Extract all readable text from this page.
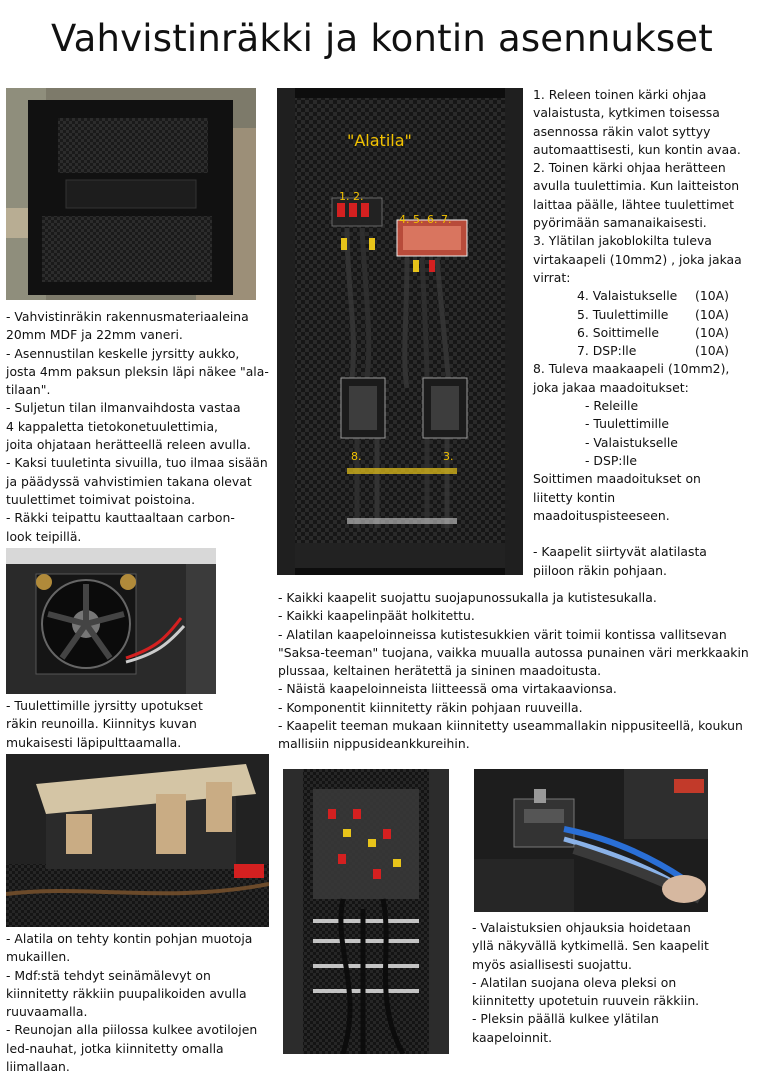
Vahvistinräkki ja kontin asennukset
"Alatila"
1. 2.
4. 5. 6. 7.
8.	3.

1. Releen toinen kärki ohjaa

valaistusta, kytkimen toisessa

asennossa räkin valot syttyy

automaattisesti, kun kontin avaa.

2. Toinen kärki ohjaa herätteen

avulla tuulettimia. Kun laitteiston

laittaa päälle, lähtee tuulettimet

pyörimään samanaikaisesti.

3. Ylätilan jakoblokilta tuleva

virtakaapeli (10mm2) , joka jakaa

virrat:

4. Valaistukselle	(10A)
5. Tuulettimille	(10A)
6. Soittimelle	(10A)
7. DSP:lle	(10A)

8. Tuleva maakaapeli (10mm2),

joka jakaa maadoitukset:

- Releille

- Tuulettimille

- Valaistukselle

- DSP:lle

Soittimen maadoitukset on

liitetty kontin

maadoituspisteeseen.

- Kaapelit siirtyvät alatilasta

piiloon räkin pohjaan.

- Vahvistinräkin rakennusmateriaaleina

20mm MDF ja 22mm vaneri.

- Asennustilan keskelle jyrsitty aukko,

josta 4mm paksun pleksin läpi näkee "ala-

tilaan".

- Suljetun tilan ilmanvaihdosta vastaa

4 kappaletta tietokonetuulettimia,

joita ohjataan herätteellä releen avulla.

- Kaksi tuuletinta sivuilla, tuo ilmaa sisään

ja päädyssä vahvistimien takana olevat

tuulettimet toimivat poistoina.

- Räkki teipattu kauttaaltaan carbon-

look teipillä.

- Tuulettimille jyrsitty upotukset

räkin reunoilla. Kiinnitys kuvan

mukaisesti läpipulttaamalla.

- Kaikki kaapelit suojattu suojapunossukalla ja kutistesukalla.

- Kaikki kaapelinpäät holkitettu.

- Alatilan kaapeloinneissa kutistesukkien värit toimii kontissa vallitsevan

"Saksa-teeman" tuojana, vaikka muualla autossa punainen väri merkkaakin

plussaa, keltainen herätettä ja sininen maadoitusta.

- Näistä kaapeloinneista liitteessä oma virtakaavionsa.

- Komponentit kiinnitetty räkin pohjaan ruuveilla.

- Kaapelit teeman mukaan kiinnitetty useammallakin nippusiteellä, koukun

mallisiin nippusideankkureihin.

- Alatila on tehty kontin pohjan muotoja

mukaillen.

- Mdf:stä tehdyt seinämälevyt on

kiinnitetty räkkiin puupalikoiden avulla

ruuvaamalla.

- Reunojan alla piilossa kulkee avotilojen

led-nauhat, jotka kiinnitetty omalla

liimallaan.

- Valaistuksien ohjauksia hoidetaan

yllä näkyvällä kytkimellä. Sen kaapelit

myös asiallisesti suojattu.

- Alatilan suojana oleva pleksi on

kiinnitetty upotetuin ruuvein räkkiin.

- Pleksin päällä kulkee ylätilan

kaapeloinnit.
